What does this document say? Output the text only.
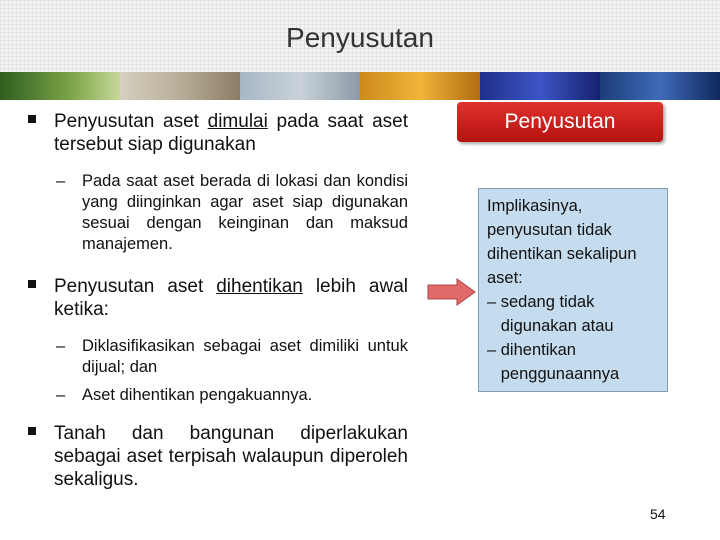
Penyusutan
Penyusutan aset dimulai pada saat aset tersebut siap digunakan
– Pada saat aset berada di lokasi dan kondisi yang diinginkan agar aset siap digunakan sesuai dengan keinginan dan maksud manajemen.
Penyusutan aset dihentikan lebih awal ketika:
– Diklasifikasikan sebagai aset dimiliki untuk dijual; dan
– Aset dihentikan pengakuannya.
Tanah dan bangunan diperlakukan sebagai aset terpisah walaupun diperoleh sekaligus.
Penyusutan
Implikasinya,
penyusutan tidak
dihentikan sekalipun
aset:
– sedang tidak
digunakan atau
– dihentikan
penggunaannya
54
